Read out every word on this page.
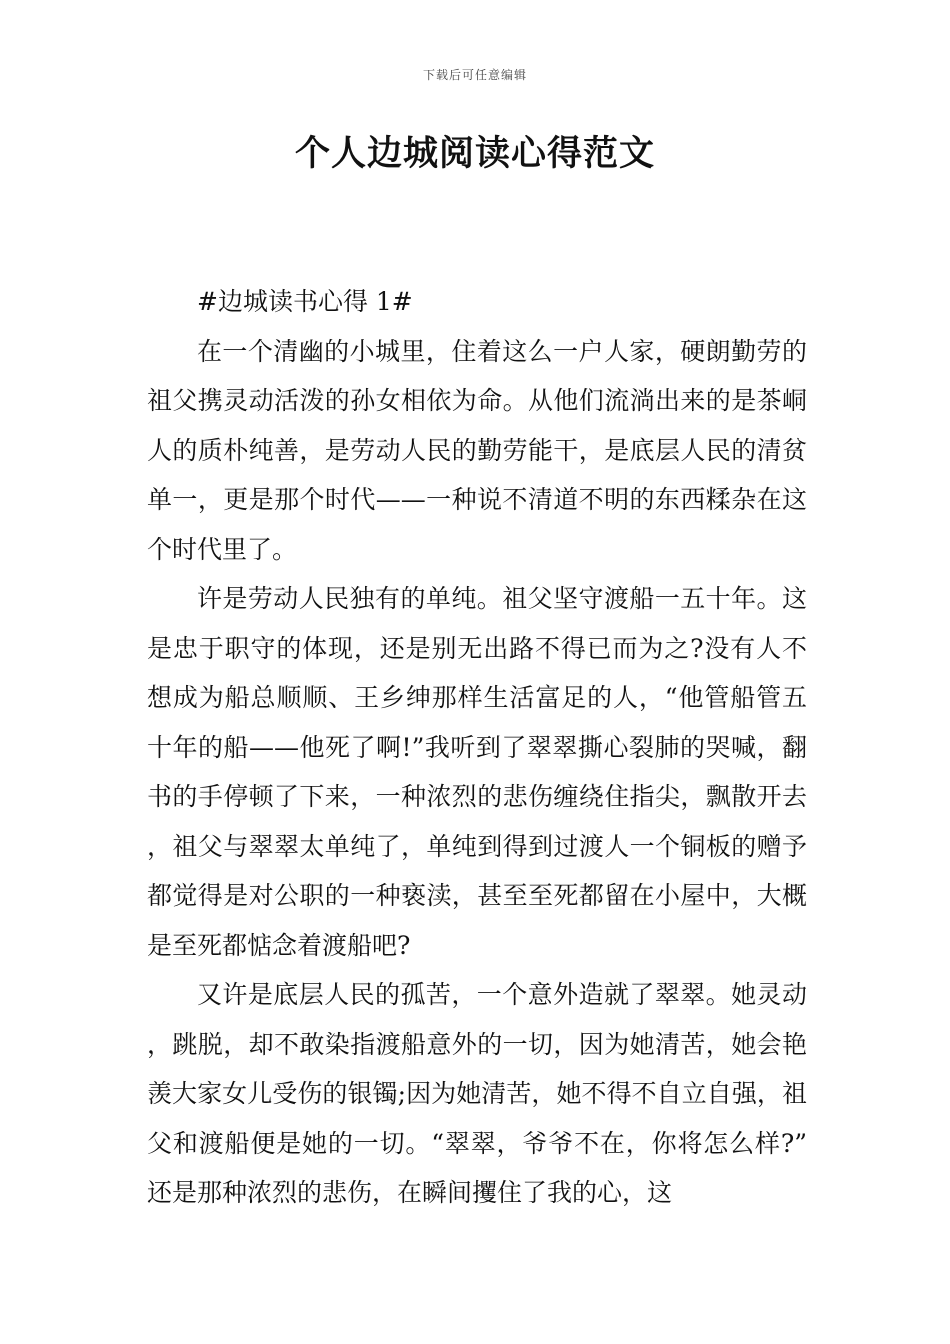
下载后可任意编辑
个人边城阅读心得范文

#边城读书心得 1#

在一个清幽的小城里，住着这么一户人家，硬朗勤劳的祖父携灵动活泼的孙女相依为命。从他们流淌出来的是茶峒人的质朴纯善，是劳动人民的勤劳能干，是底层人民的清贫单一，更是那个时代——一种说不清道不明的东西糅杂在这个时代里了。

许是劳动人民独有的单纯。祖父坚守渡船一五十年。这是忠于职守的体现，还是别无出路不得已而为之?没有人不想成为船总顺顺、王乡绅那样生活富足的人，“他管船管五十年的船——他死了啊!”我听到了翠翠撕心裂肺的哭喊，翻书的手停顿了下来，一种浓烈的悲伤缠绕住指尖，飘散开去，祖父与翠翠太单纯了，单纯到得到过渡人一个铜板的赠予都觉得是对公职的一种亵渎，甚至至死都留在小屋中，大概是至死都惦念着渡船吧?

又许是底层人民的孤苦，一个意外造就了翠翠。她灵动，跳脱，却不敢染指渡船意外的一切，因为她清苦，她会艳羡大家女儿受伤的银镯;因为她清苦，她不得不自立自强，祖父和渡船便是她的一切。“翠翠，爷爷不在，你将怎么样?”还是那种浓烈的悲伤，在瞬间攫住了我的心，这
